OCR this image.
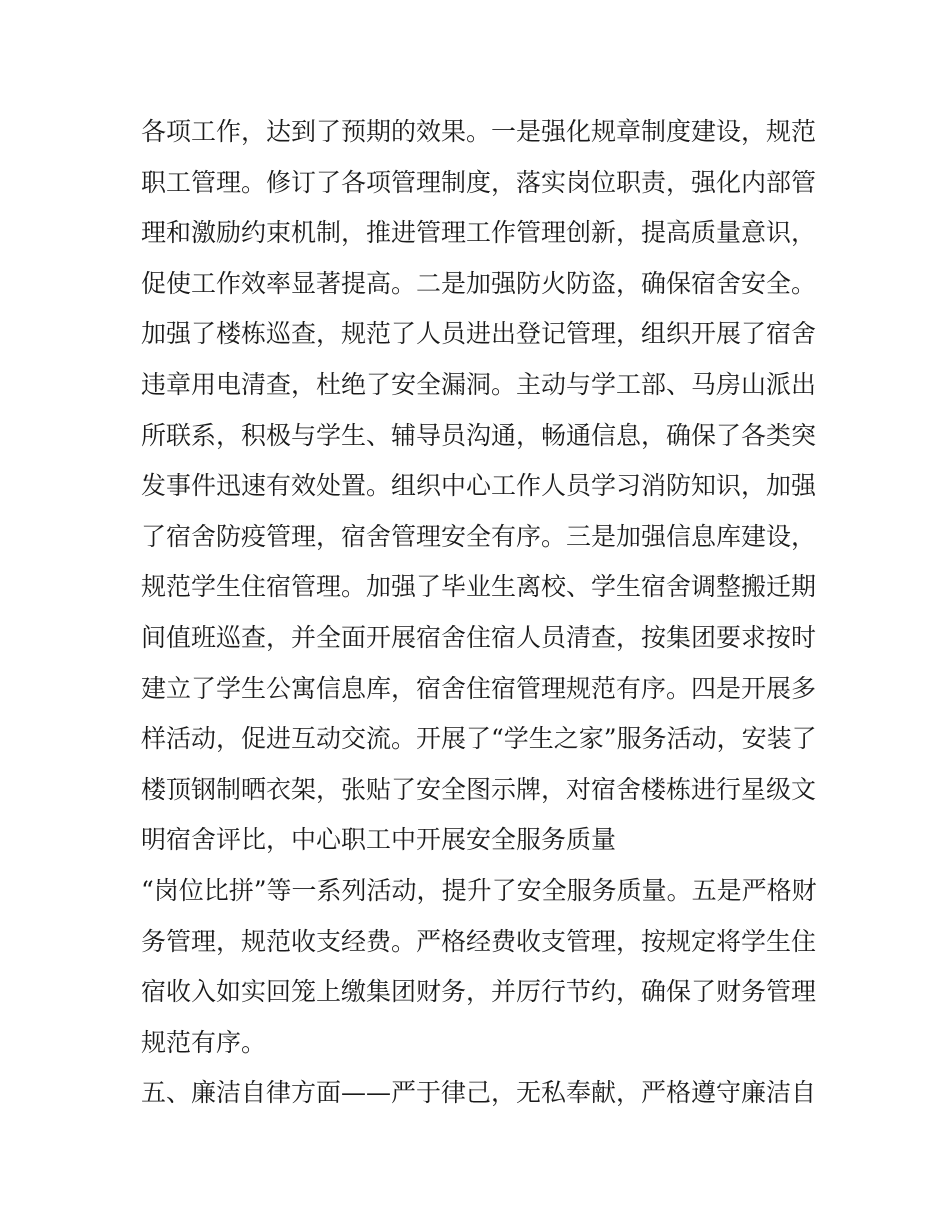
各项工作，达到了预期的效果。一是强化规章制度建设，规范
职工管理。修订了各项管理制度，落实岗位职责，强化内部管
理和激励约束机制，推进管理工作管理创新，提高质量意识，
促使工作效率显著提高。二是加强防火防盗，确保宿舍安全。
加强了楼栋巡查，规范了人员进出登记管理，组织开展了宿舍
违章用电清查，杜绝了安全漏洞。主动与学工部、马房山派出
所联系，积极与学生、辅导员沟通，畅通信息，确保了各类突
发事件迅速有效处置。组织中心工作人员学习消防知识，加强
了宿舍防疫管理，宿舍管理安全有序。三是加强信息库建设，
规范学生住宿管理。加强了毕业生离校、学生宿舍调整搬迁期
间值班巡查，并全面开展宿舍住宿人员清查，按集团要求按时
建立了学生公寓信息库，宿舍住宿管理规范有序。四是开展多
样活动，促进互动交流。开展了“学生之家”服务活动，安装了
楼顶钢制晒衣架，张贴了安全图示牌，对宿舍楼栋进行星级文
明宿舍评比，中心职工中开展安全服务质量
“岗位比拼”等一系列活动，提升了安全服务质量。五是严格财
务管理，规范收支经费。严格经费收支管理，按规定将学生住
宿收入如实回笼上缴集团财务，并厉行节约，确保了财务管理
规范有序。
五、廉洁自律方面——严于律己，无私奉献，严格遵守廉洁自
